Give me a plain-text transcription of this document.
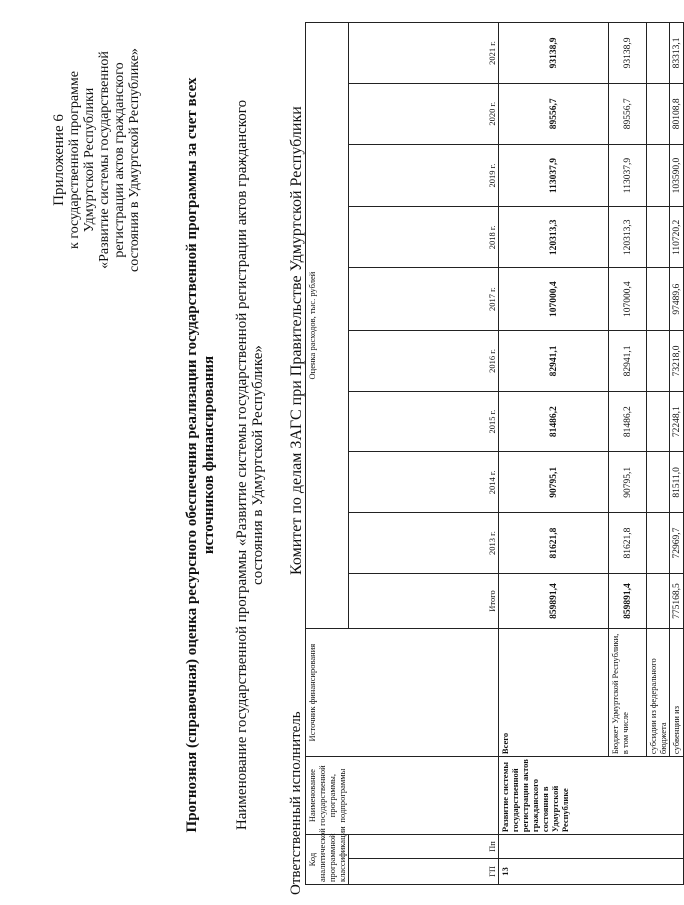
Приложение 6 к государственной программе Удмуртской Республики «Развитие системы государственной регистрации актов гражданского состояния в Удмуртской Республике»	Прогнозная (справочная) оценка ресурсного обеспечения реализации государственной программы за счет всех источников финансирования Наименование государственной программы «Развитие системы государственной регистрации актов гражданского состояния в Удмуртской Республике»
Ответственный исполнитель
Комитет по делам ЗАГС при Правительстве Удмуртской Республики
Код аналитической программной классификации		Наименование государственной программы, подпрограммы	Источник финансирования	Оценка расходов, тыс. рублей									
ГП	Пп			Итого	2013 г.	2014 г.	2015 г.	2016 г.	2017 г.	2018 г.	2019 г.	2020 г.	2021 г.
13		Развитие системы государственной регистрации актов гражданского состояния в Удмуртской Республике	Всего	859891,4	81621,8	90795,1	81486,2	82941,1	107000,4	120313,3	113037,9	89556,7	93138,9
			Бюджет Удмуртской Республики, в том числе	859891,4	81621,8	90795,1	81486,2	82941,1	107000,4	120313,3	113037,9	89556,7	93138,9
			субсидии из федерального бюджета										
			субвенции из	775168,5	72969,7	81511,0	72248,1	73218,0	97489,6	110720,2	103590,0	80108,8	83313,1
